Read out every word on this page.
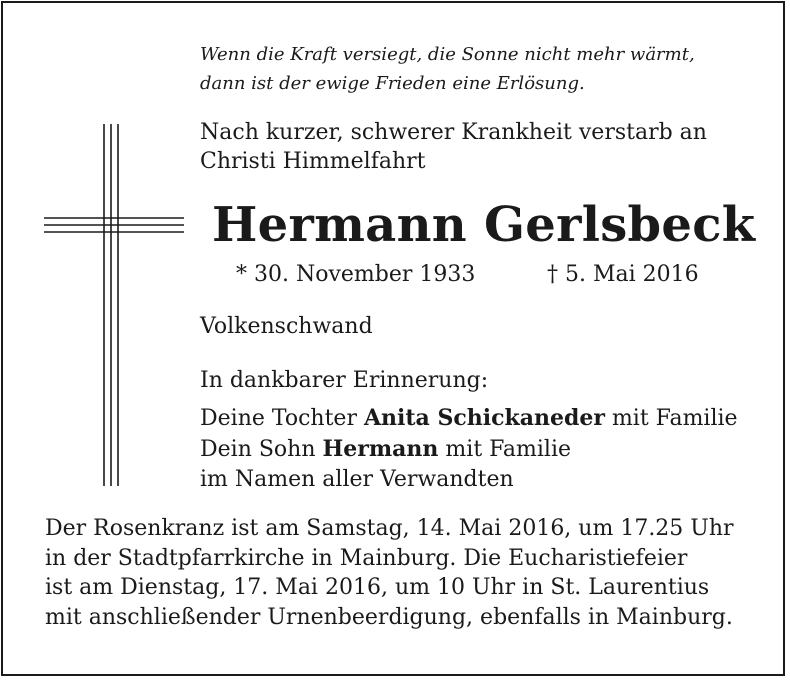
Wenn die Kraft versiegt, die Sonne nicht mehr wärmt,
dann ist der ewige Frieden eine Erlösung.
Nach kurzer, schwerer Krankheit verstarb an
Christi Himmelfahrt
Hermann Gerlsbeck
* 30. November 1933	† 5. Mai 2016
Volkenschwand
In dankbarer Erinnerung:
Deine Tochter Anita Schickaneder mit Familie
Dein Sohn Hermann mit Familie
im Namen aller Verwandten
Der Rosenkranz ist am Samstag, 14. Mai 2016, um 17.25 Uhr
in der Stadtpfarrkirche in Mainburg. Die Eucharistiefeier
ist am Dienstag, 17. Mai 2016, um 10 Uhr in St. Laurentius
mit anschließender Urnenbeerdigung, ebenfalls in Mainburg.
